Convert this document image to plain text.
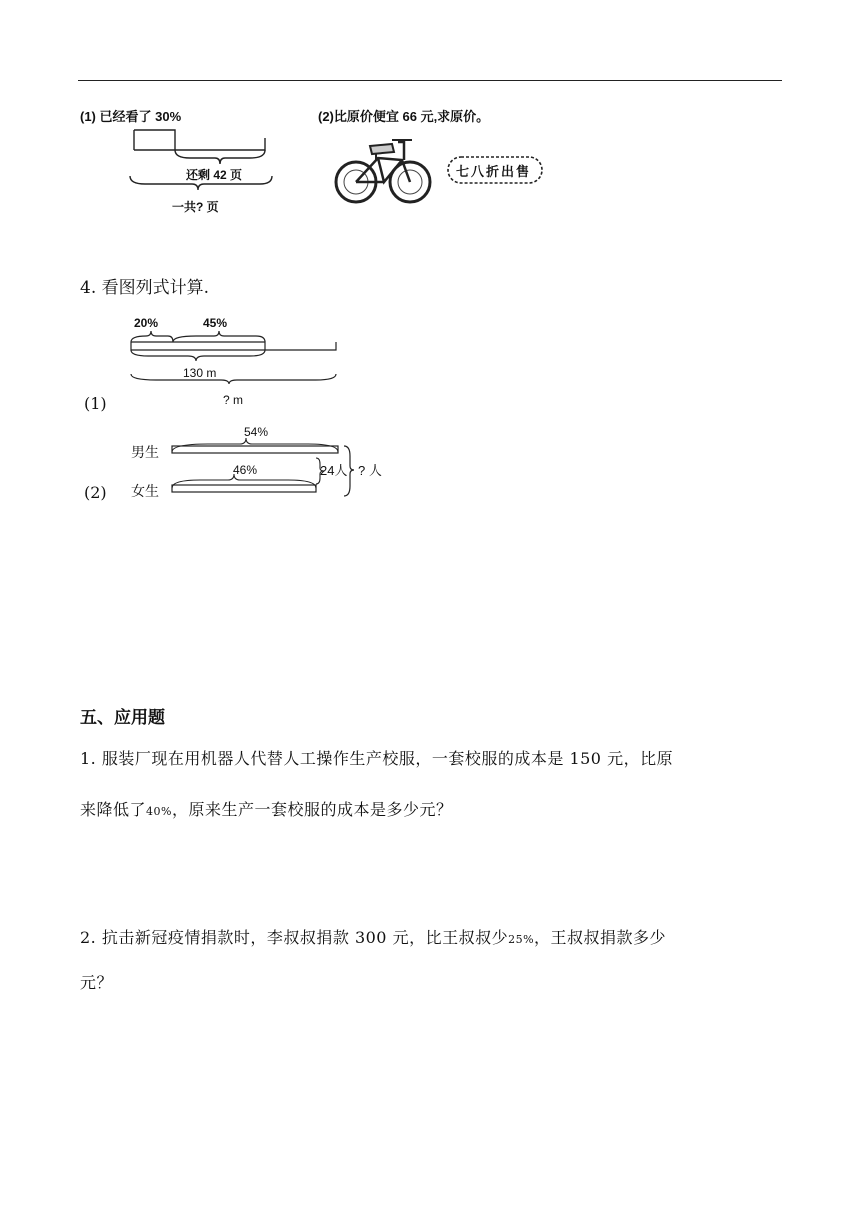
(1) 已经看了 30%
还剩 42 页
一共? 页
(2)比原价便宜 66 元,求原价。
七八折出售
4. 看图列式计算.
20%	45%
130 m
(1)	? m
54%
男生
46%
女生
24人 ? 人
(2)
五、应用题
1. 服装厂现在用机器人代替人工操作生产校服，一套校服的成本是 150 元，比原
来降低了40%，原来生产一套校服的成本是多少元？
2. 抗击新冠疫情捐款时，李叔叔捐款 300 元，比王叔叔少25%，王叔叔捐款多少
元？
